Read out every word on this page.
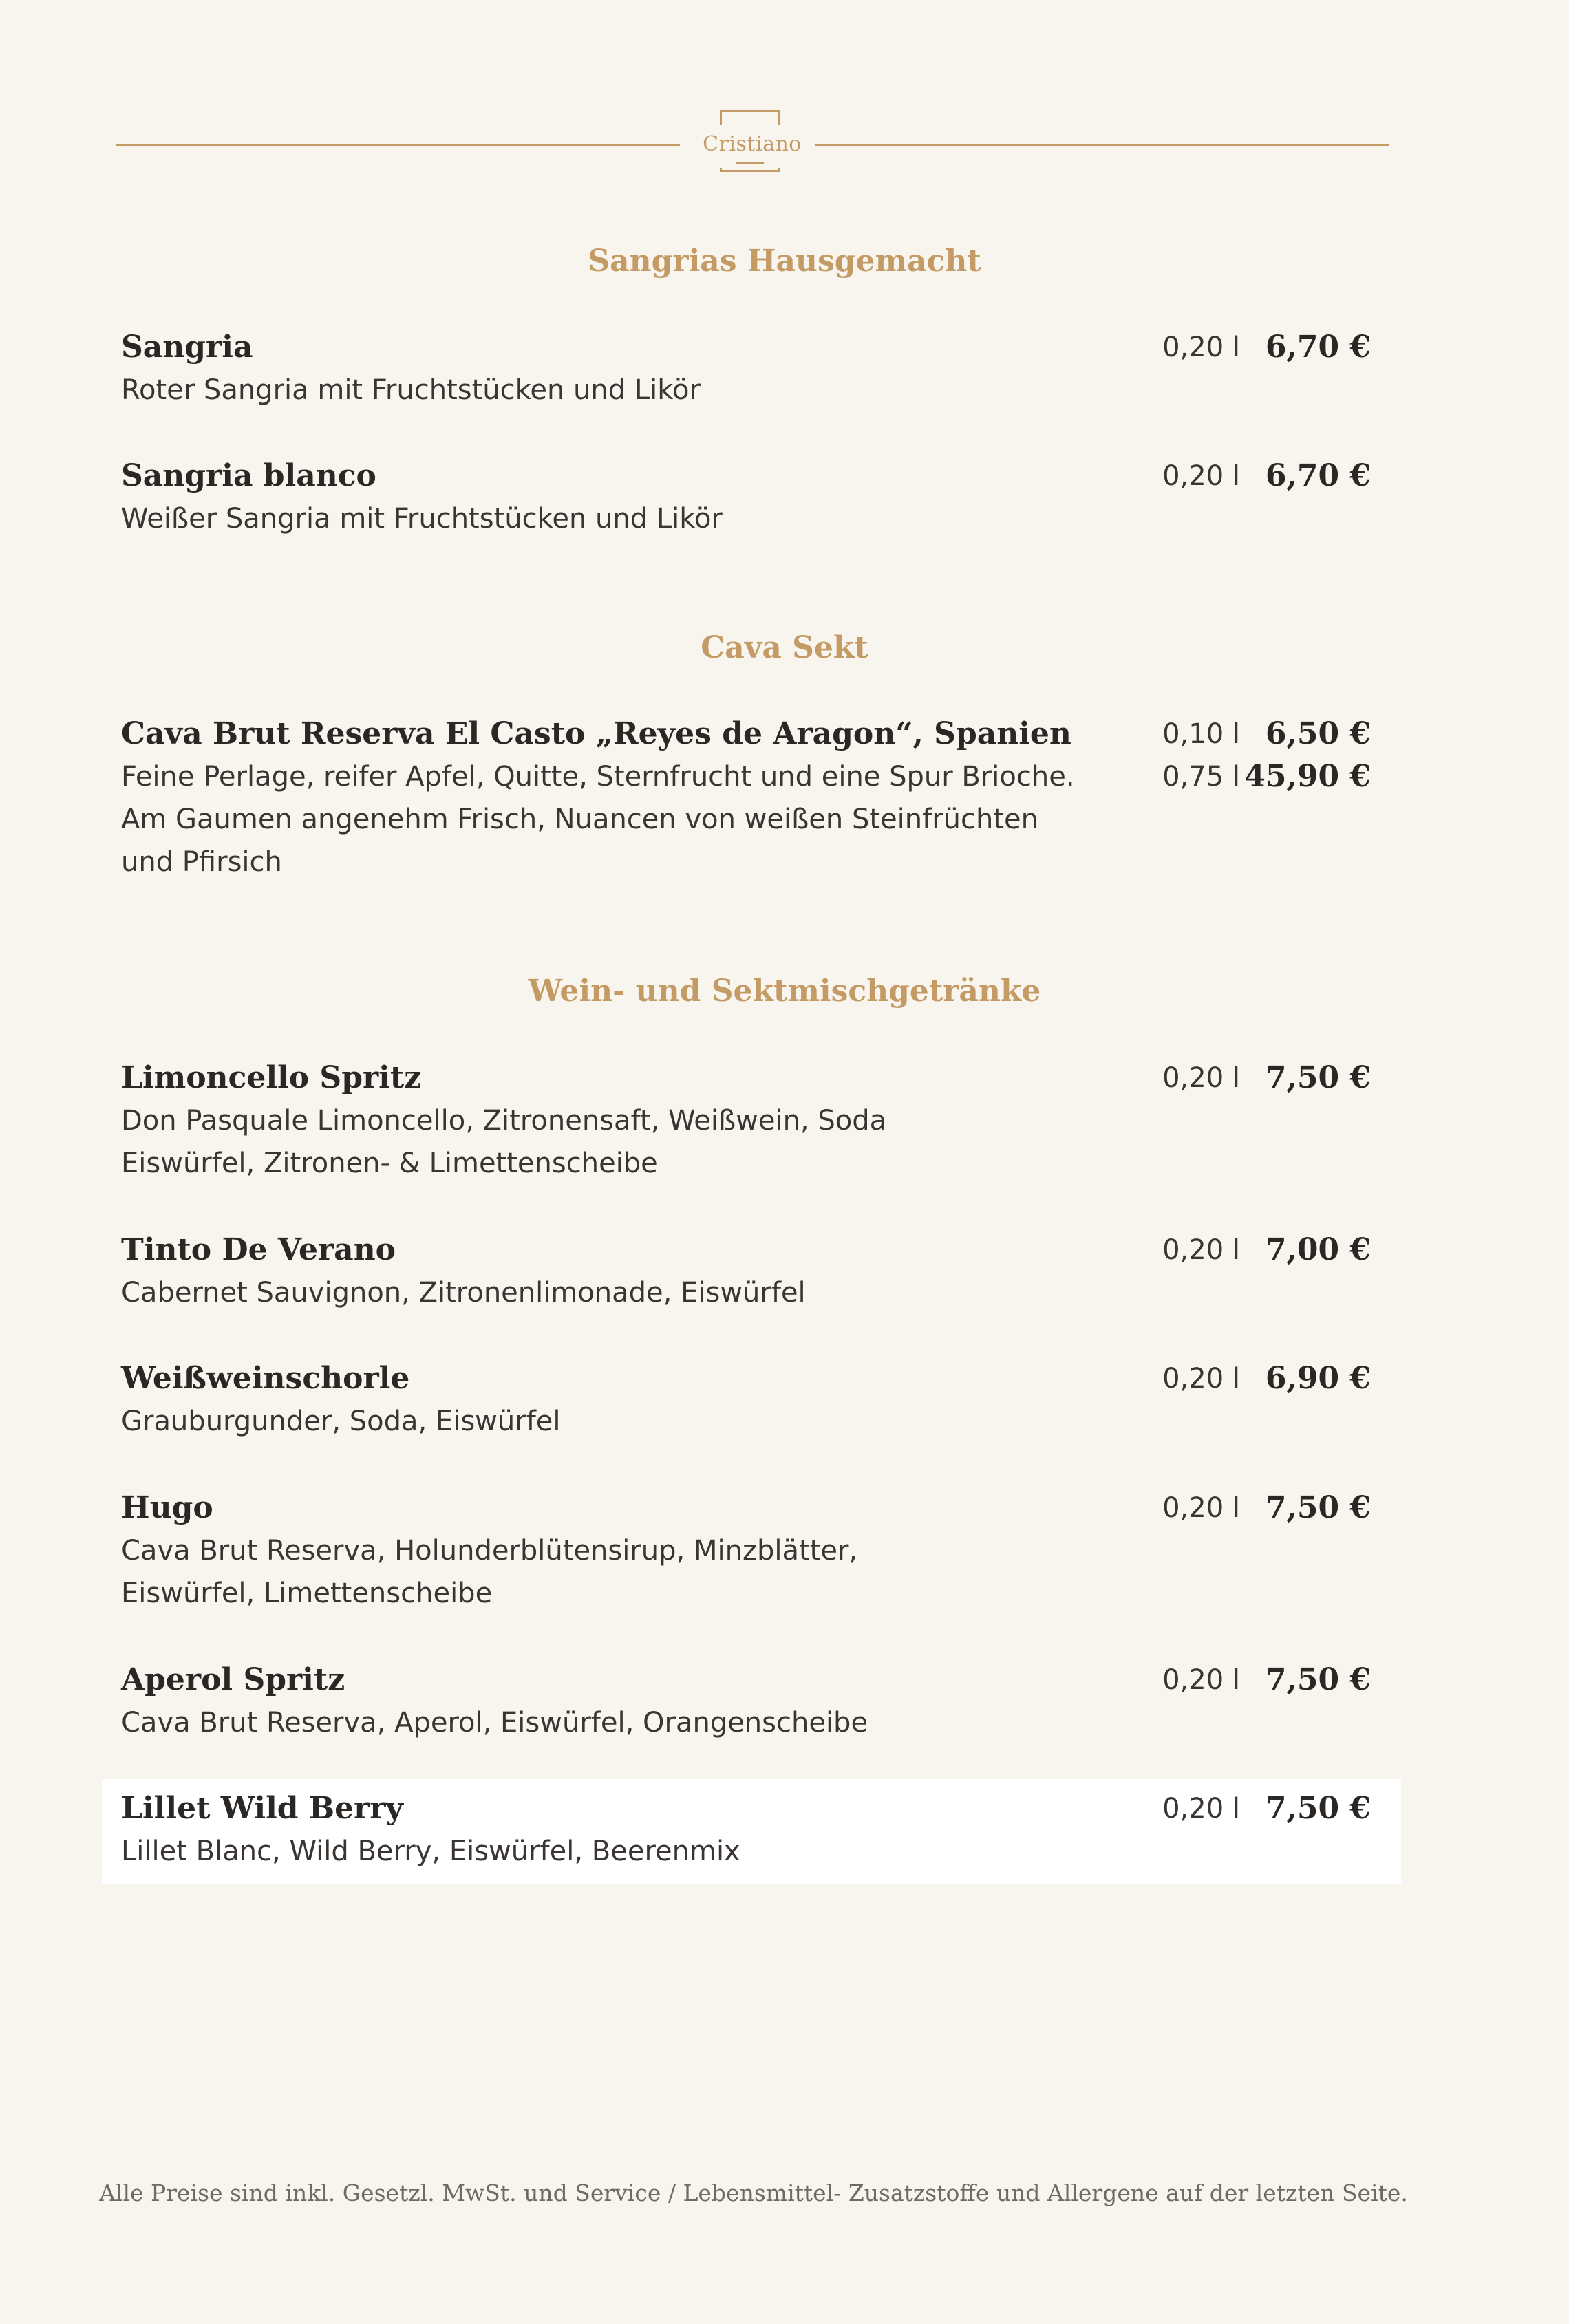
Cristiano
Sangrias Hausgemacht

Sangria

Roter Sangria mit Fruchtstücken und Likör

0,20 l 6,70 €

Sangria blanco

Weißer Sangria mit Fruchtstücken und Likör

0,20 l 6,70 €
Cava Sekt

Cava Brut Reserva El Casto „Reyes de Aragon“, Spanien

Feine Perlage, reifer Apfel, Quitte, Sternfrucht und eine Spur Brioche.
Am Gaumen angenehm Frisch, Nuancen von weißen Steinfrüchten
und Pfirsich

0,10 l 6,50 €
0,75 l 45,90 €
Wein- und Sektmischgetränke

Limoncello Spritz

Don Pasquale Limoncello, Zitronensaft, Weißwein, Soda
Eiswürfel, Zitronen- & Limettenscheibe

0,20 l 7,50 €

Tinto De Verano

Cabernet Sauvignon, Zitronenlimonade, Eiswürfel

0,20 l 7,00 €

Weißweinschorle

Grauburgunder, Soda, Eiswürfel

0,20 l 6,90 €

Hugo

Cava Brut Reserva, Holunderblütensirup, Minzblätter,
Eiswürfel, Limettenscheibe

0,20 l 7,50 €

Aperol Spritz

Cava Brut Reserva, Aperol, Eiswürfel, Orangenscheibe

0,20 l 7,50 €

Lillet Wild Berry

Lillet Blanc, Wild Berry, Eiswürfel, Beerenmix

0,20 l 7,50 €
Alle Preise sind inkl. Gesetzl. MwSt. und Service / Lebensmittel- Zusatzstoffe und Allergene auf der letzten Seite.
